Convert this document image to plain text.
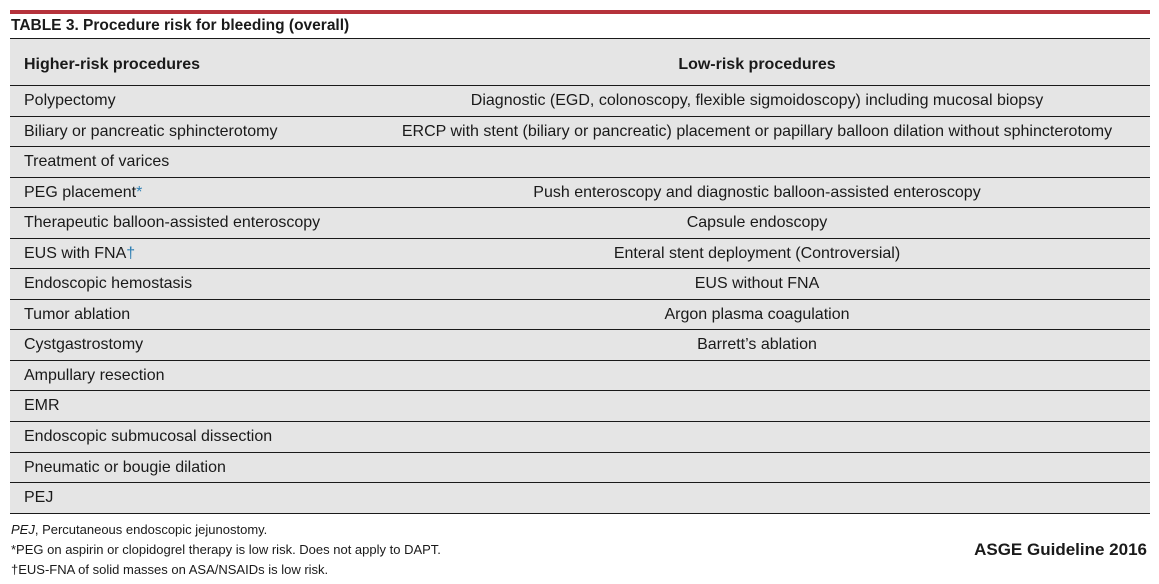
TABLE 3. Procedure risk for bleeding (overall)
Higher-risk procedures	Low-risk procedures
Polypectomy	Diagnostic (EGD, colonoscopy, flexible sigmoidoscopy) including mucosal biopsy
Biliary or pancreatic sphincterotomy	ERCP with stent (biliary or pancreatic) placement or papillary balloon dilation without sphincterotomy
Treatment of varices
PEG placement*	Push enteroscopy and diagnostic balloon-assisted enteroscopy
Therapeutic balloon-assisted enteroscopy	Capsule endoscopy
EUS with FNA†	Enteral stent deployment (Controversial)
Endoscopic hemostasis	EUS without FNA
Tumor ablation	Argon plasma coagulation
Cystgastrostomy	Barrett’s ablation
Ampullary resection
EMR
Endoscopic submucosal dissection
Pneumatic or bougie dilation
PEJ
PEJ, Percutaneous endoscopic jejunostomy.
*PEG on aspirin or clopidogrel therapy is low risk. Does not apply to DAPT.
†EUS-FNA of solid masses on ASA/NSAIDs is low risk.
ASGE Guideline 2016
